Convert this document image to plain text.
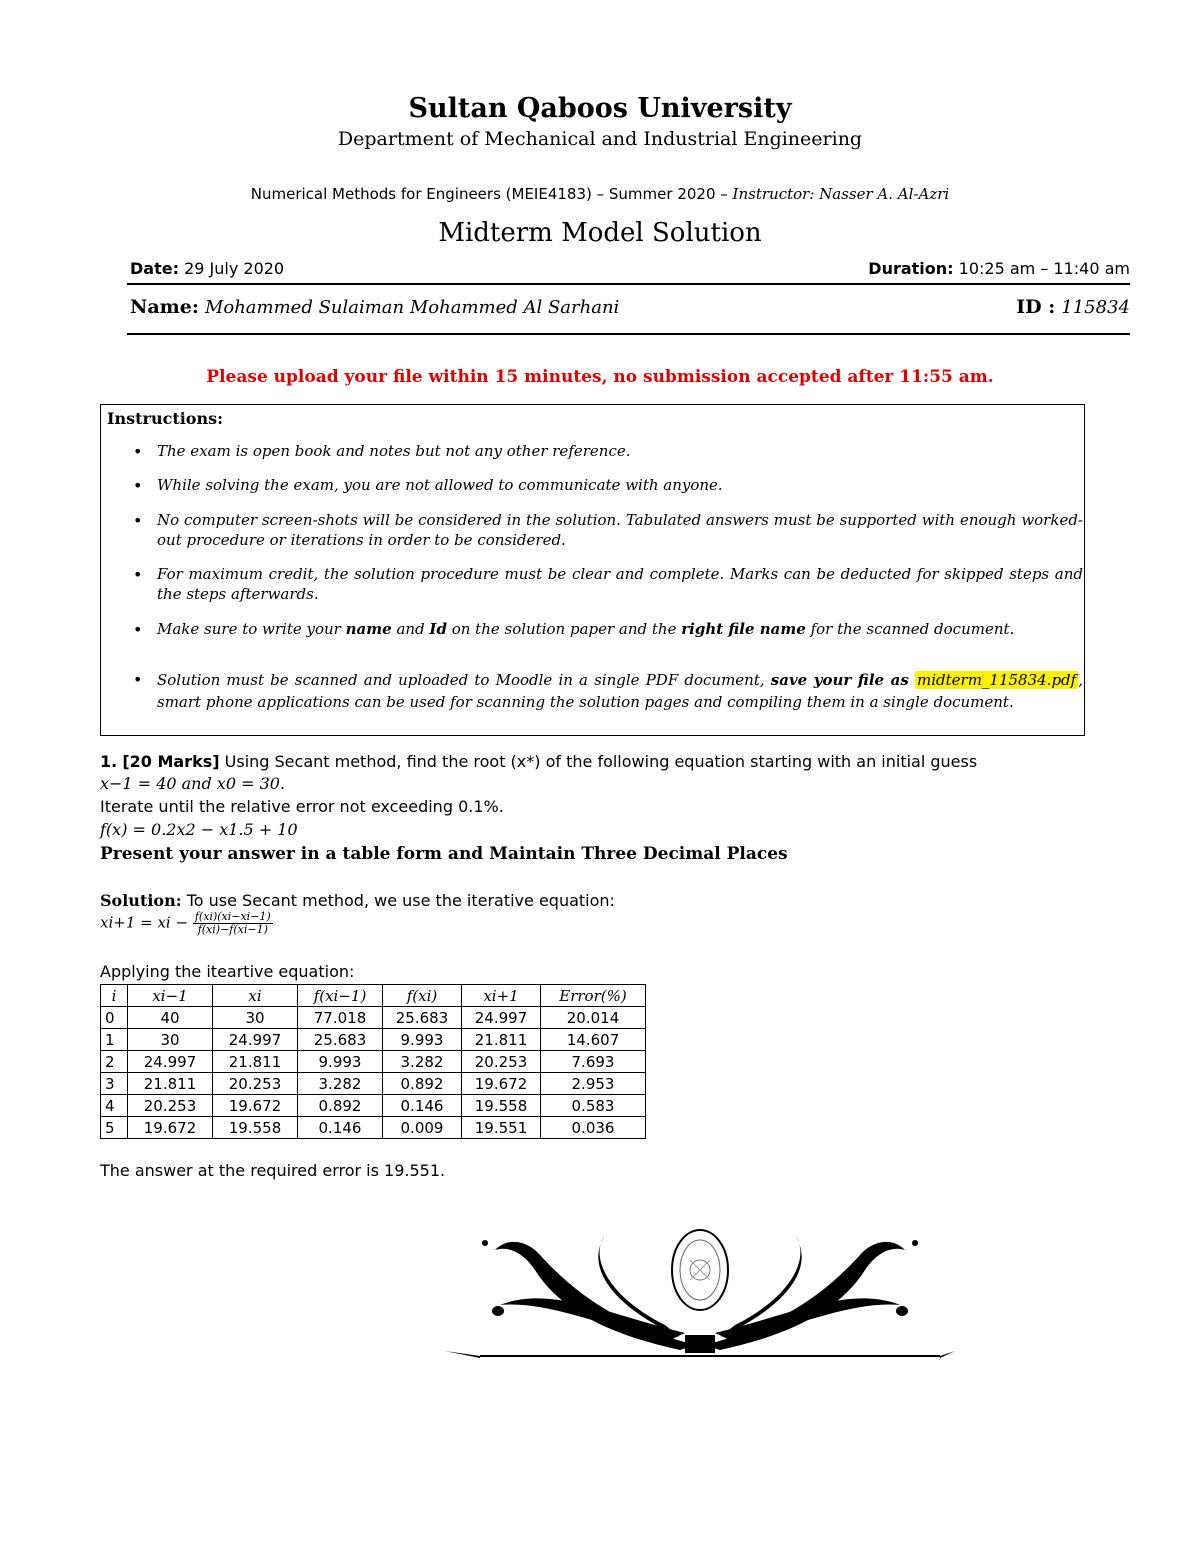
Sultan Qaboos University
Department of Mechanical and Industrial Engineering
Numerical Methods for Engineers (MEIE4183) – Summer 2020 – Instructor: Nasser A. Al-Azri
Midterm Model Solution
Date: 29 July 2020	Duration: 10:25 am – 11:40 am
Name: Mohammed Sulaiman Mohammed Al Sarhani	ID : 115834
Please upload your file within 15 minutes, no submission accepted after 11:55 am.
Instructions:
• The exam is open book and notes but not any other reference.
• While solving the exam, you are not allowed to communicate with anyone.
• No computer screen-shots will be considered in the solution. Tabulated answers must be supported with enough worked-out procedure or iterations in order to be considered.
• For maximum credit, the solution procedure must be clear and complete. Marks can be deducted for skipped steps and the steps afterwards.
• Make sure to write your name and Id on the solution paper and the right file name for the scanned document.
• Solution must be scanned and uploaded to Moodle in a single PDF document, save your file as midterm_115834.pdf , smart phone applications can be used for scanning the solution pages and compiling them in a single document.
1. [20 Marks] Using Secant method, find the root (x*) of the following equation starting with an initial guess
x−1 = 40 and x0 = 30.
Iterate until the relative error not exceeding 0.1%.
f(x) = 0.2x2 − x1.5 + 10
Present your answer in a table form and Maintain Three Decimal Places
Solution: To use Secant method, we use the iterative equation:
xi+1 = xi − $\frac{f(xi)(xi-xi-1)}{f(xi)-f(xi-1)}$
Applying the iteartive equation:
i	xi−1	xi	f(xi−1)	f(xi)	xi+1	Error(%)
0	40	30	77.018	25.683	24.997	20.014
1	30	24.997	25.683	9.993	21.811	14.607
2	24.997	21.811	9.993	3.282	20.253	7.693
3	21.811	20.253	3.282	0.892	19.672	2.953
4	20.253	19.672	0.892	0.146	19.558	0.583
5	19.672	19.558	0.146	0.009	19.551	0.036
The answer at the required error is 19.551.
